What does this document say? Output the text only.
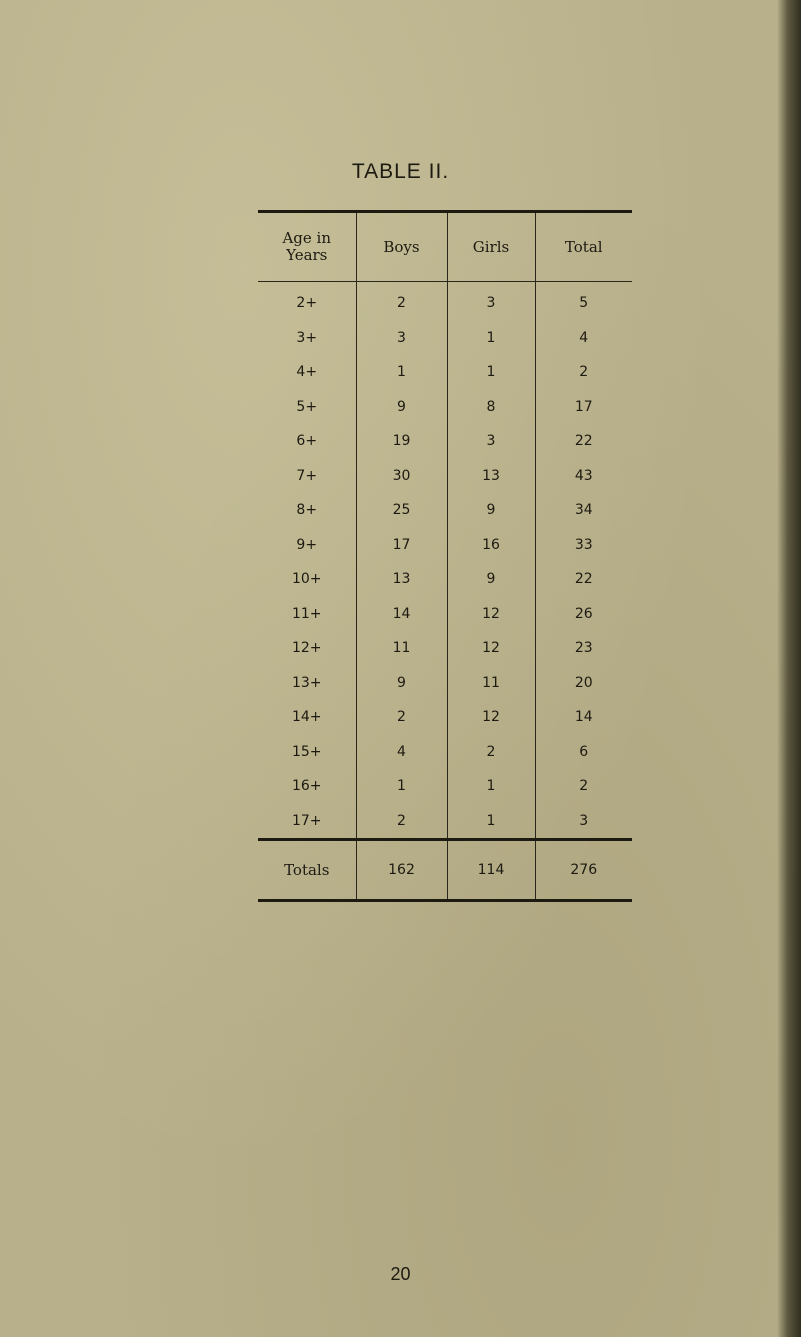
TABLE II.
Age in
Years	Boys	Girls	Total
2+	2	3	5
3+	3	1	4
4+	1	1	2
5+	9	8	17
6+	19	3	22
7+	30	13	43
8+	25	9	34
9+	17	16	33
10+	13	9	22
11+	14	12	26
12+	11	12	23
13+	9	11	20
14+	2	12	14
15+	4	2	6
16+	1	1	2
17+	2	1	3
Totals	162	114	276
20
